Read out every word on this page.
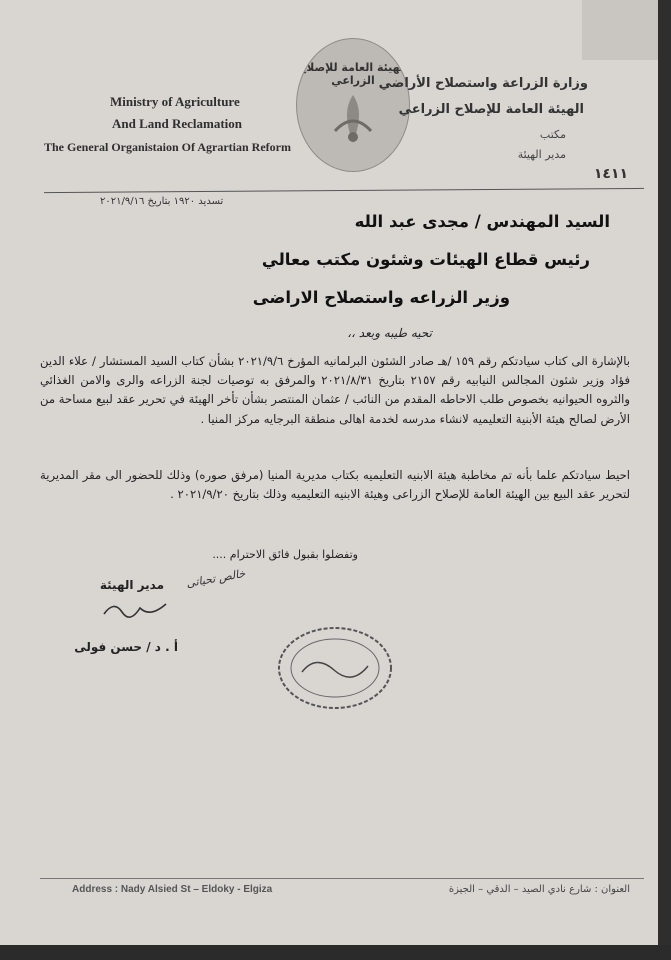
Ministry of Agriculture
And Land Reclamation
The General Organistaion Of Agrartian Reform
الهيئة العامة للإصلاح الزراعي وزارة الزراعة واستصلاح الأراضي
الهيئة العامة للإصلاح الزراعي
مكتب
مدير الهيئة
١٤١١
تسديد ١٩٢٠ بتاريخ ٢٠٢١/٩/١٦
السيد المهندس / مجدى عبد الله
رئيس قطاع الهيئات وشئون مكتب معالي
وزير الزراعه واستصلاح الاراضى
تحيه طيبه وبعد ،،
بالإشارة الى كتاب سيادتكم رقم ١٥٩ /هـ صادر الشئون البرلمانيه المؤرخ ٢٠٢١/٩/٦ بشأن كتاب السيد المستشار / علاء الدين فؤاد وزير شئون المجالس النيابيه رقم ٢١٥٧ بتاريخ ٢٠٢١/٨/٣١ والمرفق به توصيات لجنة الزراعه والرى والامن الغذائي والثروه الحيوانيه بخصوص طلب الاحاطه المقدم من النائب / عثمان المنتصر بشأن تأخر الهيئة في تحرير عقد لبيع مساحة من الأرض لصالح هيئة الأبنية التعليميه لانشاء مدرسه لخدمة اهالى منطقة البرجايه مركز المنيا .
احيط سيادتكم علما بأنه تم مخاطبة هيئة الابنيه التعليميه بكتاب مديرية المنيا (مرفق صوره) وذلك للحضور الى مقر المديرية لتحرير عقد البيع بين الهيئة العامة للإصلاح الزراعى وهيئة الابنيه التعليميه وذلك بتاريخ ٢٠٢١/٩/٢٠ .
وتفضلوا بقبول فائق الاحترام ....
مدير الهيئة
أ . د / حسن فولى
خالص تحياتى
Address : Nady Alsied St – Eldoky - Elgiza	العنوان : شارع نادي الصيد – الدقي – الجيزة
